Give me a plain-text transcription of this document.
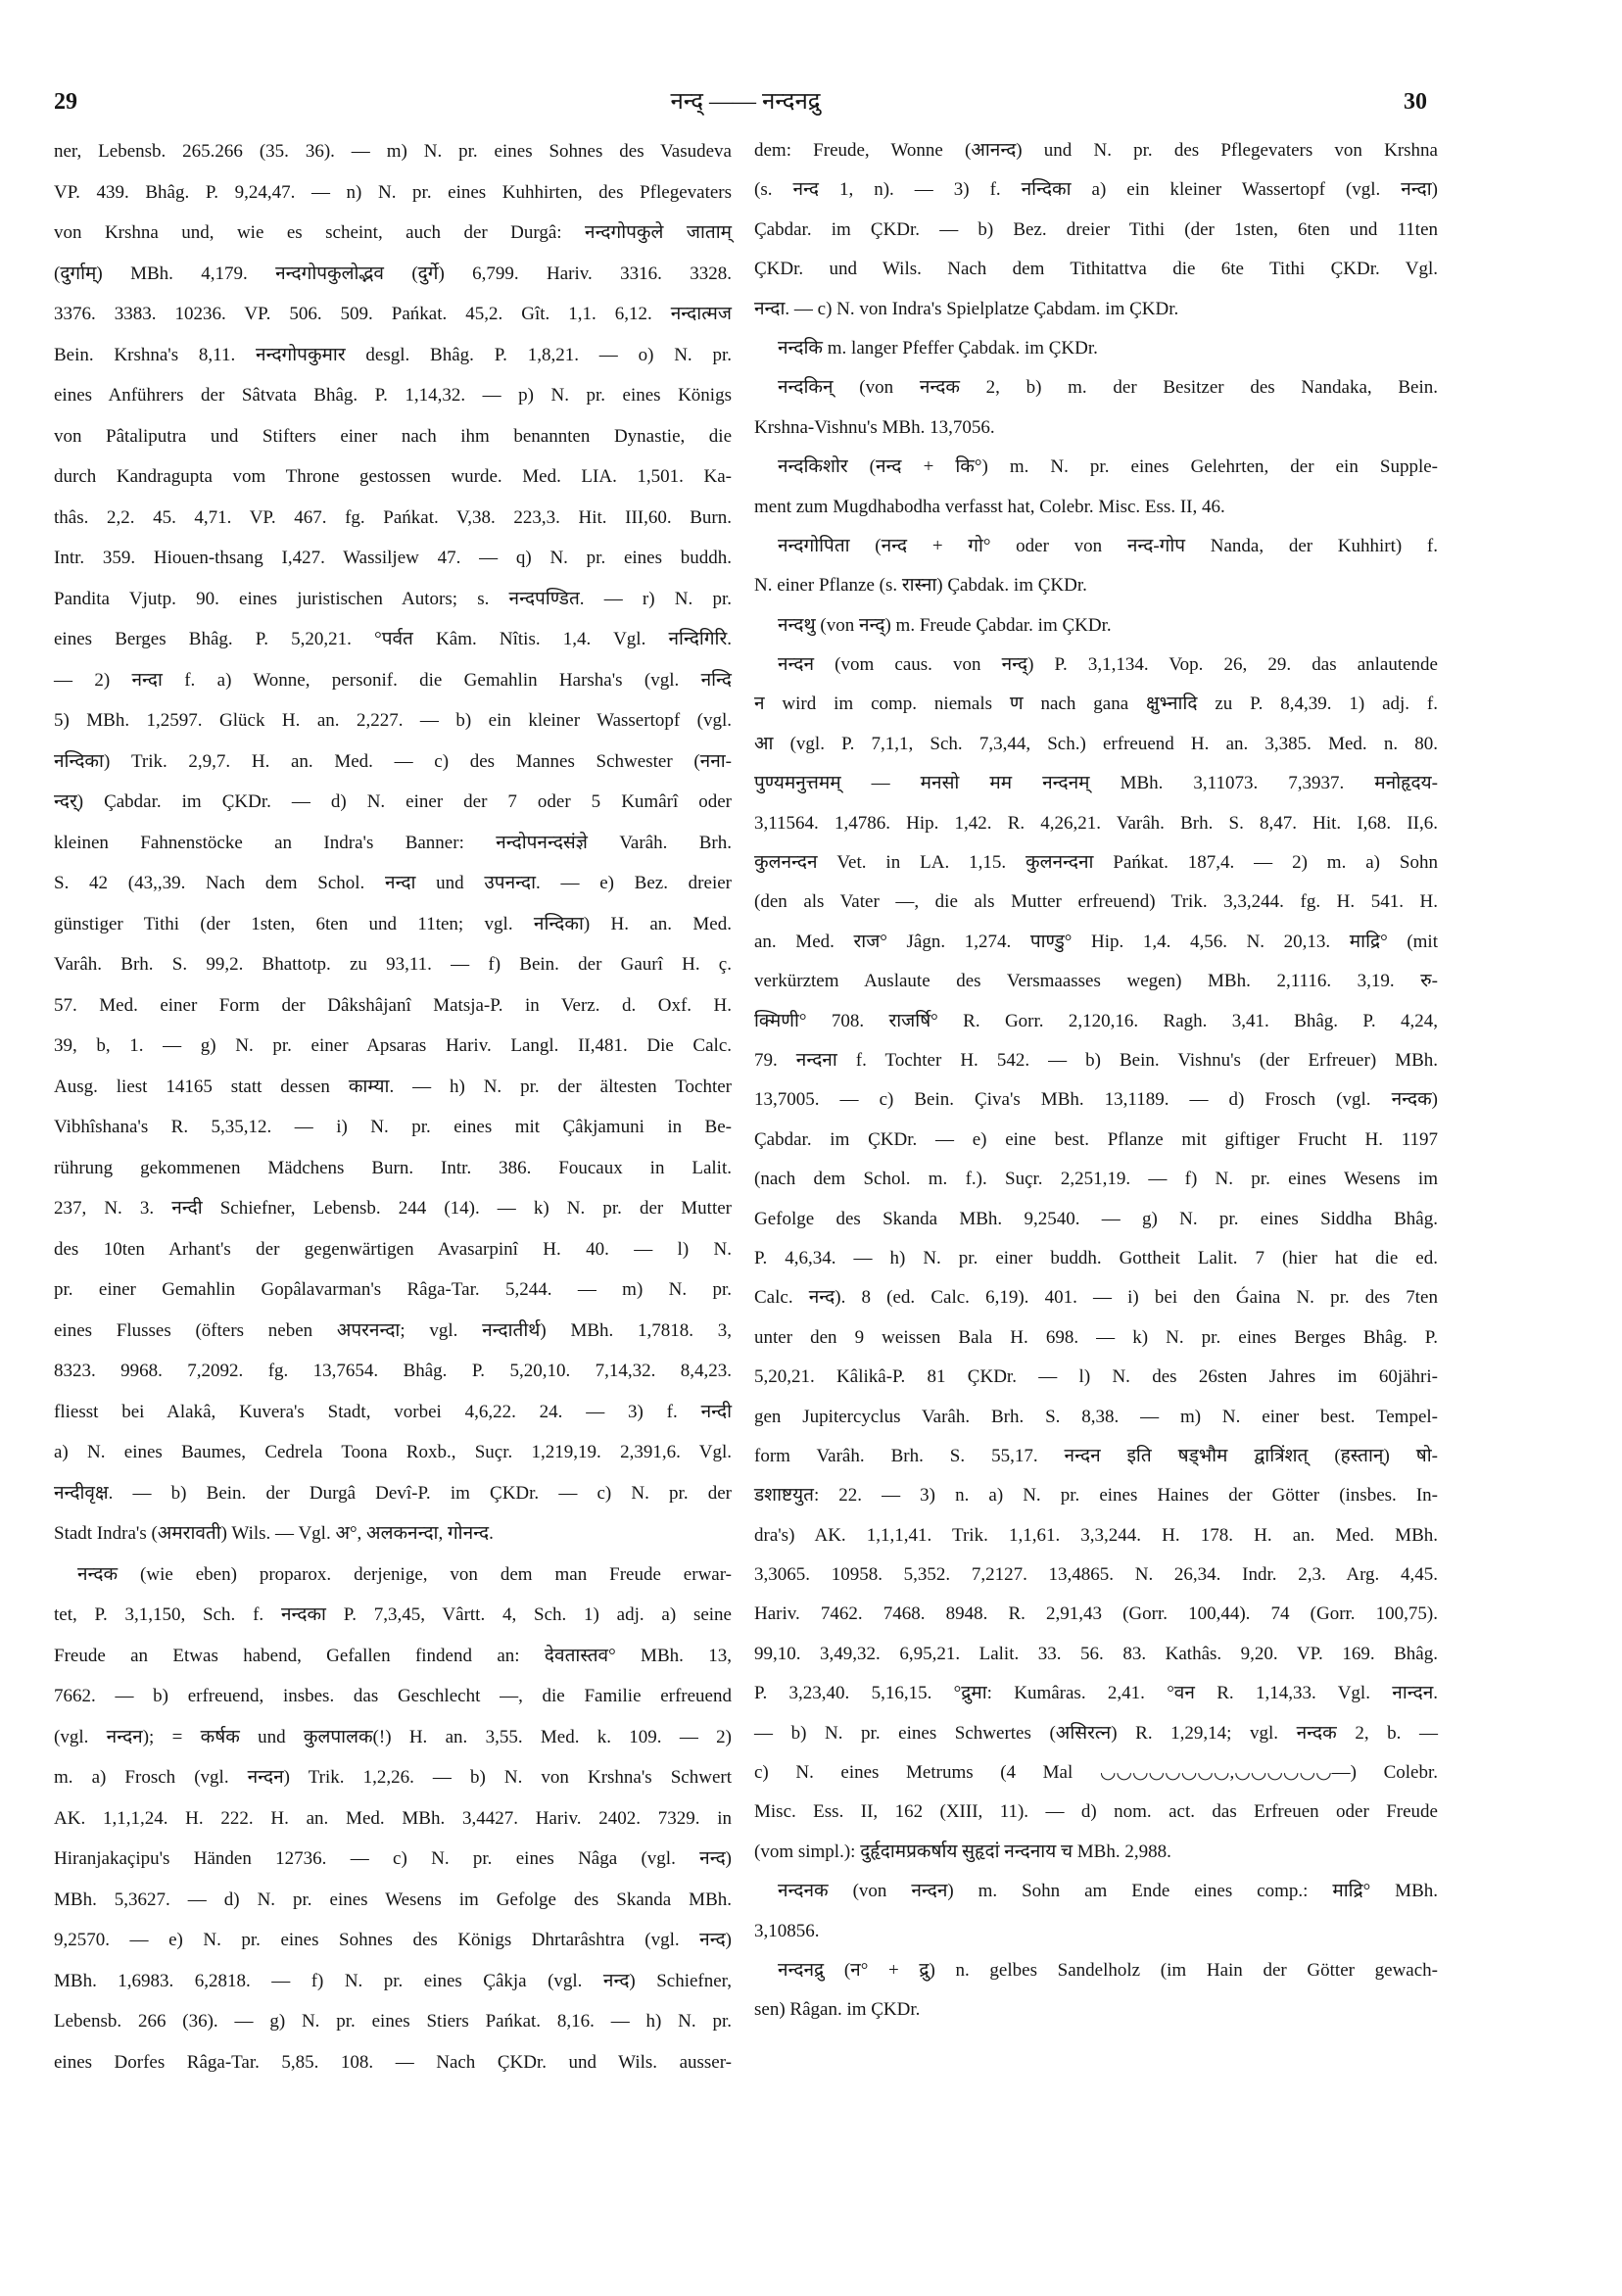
29	नन्द् —— नन्दनद्रु	30
ner, Lebensb. 265.266 (35. 36). — m) N. pr. eines Sohnes des Vasudeva
VP. 439. Bhâg. P. 9,24,47. — n) N. pr. eines Kuhhirten, des Pflegevaters
von Krshna und, wie es scheint, auch der Durgâ: नन्दगोपकुले जाताम्
(दुर्गाम्) MBh. 4,179. नन्दगोपकुलोद्भव (दुर्गे) 6,799. Hariv. 3316. 3328.
3376. 3383. 10236. VP. 506. 509. Pańkat. 45,2. Gît. 1,1. 6,12. नन्दात्मज
Bein. Krshna's 8,11. नन्दगोपकुमार desgl. Bhâg. P. 1,8,21. — o) N. pr.
eines Anführers der Sâtvata Bhâg. P. 1,14,32. — p) N. pr. eines Königs
von Pâtaliputra und Stifters einer nach ihm benannten Dynastie, die
durch Kandragupta vom Throne gestossen wurde. Med. LIA. 1,501. Ka-
thâs. 2,2. 45. 4,71. VP. 467. fg. Pańkat. V,38. 223,3. Hit. III,60. Burn.
Intr. 359. Hiouen-thsang I,427. Wassiljew 47. — q) N. pr. eines buddh.
Pandita Vjutp. 90. eines juristischen Autors; s. नन्दपण्डित. — r) N. pr.
eines Berges Bhâg. P. 5,20,21. °पर्वत Kâm. Nîtis. 1,4. Vgl. नन्दिगिरि.
— 2) नन्दा f. a) Wonne, personif. die Gemahlin Harsha's (vgl. नन्दि
5) MBh. 1,2597. Glück H. an. 2,227. — b) ein kleiner Wassertopf (vgl.
नन्दिका) Trik. 2,9,7. H. an. Med. — c) des Mannes Schwester (नना-
न्दर्) Çabdar. im ÇKDr. — d) N. einer der 7 oder 5 Kumârî oder
kleinen Fahnenstöcke an Indra's Banner: नन्दोपनन्दसंज्ञे Varâh. Brh.
S. 42 (43,,39. Nach dem Schol. नन्दा und उपनन्दा. — e) Bez. dreier
günstiger Tithi (der 1sten, 6ten und 11ten; vgl. नन्दिका) H. an. Med.
Varâh. Brh. S. 99,2. Bhattotp. zu 93,11. — f) Bein. der Gaurî H. ç.
57. Med. einer Form der Dâkshâjanî Matsja-P. in Verz. d. Oxf. H.
39, b, 1. — g) N. pr. einer Apsaras Hariv. Langl. II,481. Die Calc.
Ausg. liest 14165 statt dessen काम्या. — h) N. pr. der ältesten Tochter
Vibhîshana's R. 5,35,12. — i) N. pr. eines mit Çâkjamuni in Be-
rührung gekommenen Mädchens Burn. Intr. 386. Foucaux in Lalit.
237, N. 3. नन्दी Schiefner, Lebensb. 244 (14). — k) N. pr. der Mutter
des 10ten Arhant's der gegenwärtigen Avasarpinî H. 40. — l) N.
pr. einer Gemahlin Gopâlavarman's Râga-Tar. 5,244. — m) N. pr.
eines Flusses (öfters neben अपरनन्दा; vgl. नन्दातीर्थ) MBh. 1,7818. 3,
8323. 9968. 7,2092. fg. 13,7654. Bhâg. P. 5,20,10. 7,14,32. 8,4,23.
fliesst bei Alakâ, Kuvera's Stadt, vorbei 4,6,22. 24. — 3) f. नन्दी
a) N. eines Baumes, Cedrela Toona Roxb., Suçr. 1,219,19. 2,391,6. Vgl.
नन्दीवृक्ष. — b) Bein. der Durgâ Devî-P. im ÇKDr. — c) N. pr. der
Stadt Indra's (अमरावती) Wils. — Vgl. अ°, अलकनन्दा, गोनन्द.
नन्दक (wie eben) proparox. derjenige, von dem man Freude erwar-
tet, P. 3,1,150, Sch. f. नन्दका P. 7,3,45, Vârtt. 4, Sch. 1) adj. a) seine
Freude an Etwas habend, Gefallen findend an: देवतास्तव° MBh. 13,
7662. — b) erfreuend, insbes. das Geschlecht —, die Familie erfreuend
(vgl. नन्दन); = कर्षक und कुलपालक(!) H. an. 3,55. Med. k. 109. — 2)
m. a) Frosch (vgl. नन्दन) Trik. 1,2,26. — b) N. von Krshna's Schwert
AK. 1,1,1,24. H. 222. H. an. Med. MBh. 3,4427. Hariv. 2402. 7329. in
Hiranjakaçipu's Händen 12736. — c) N. pr. eines Nâga (vgl. नन्द)
MBh. 5,3627. — d) N. pr. eines Wesens im Gefolge des Skanda MBh.
9,2570. — e) N. pr. eines Sohnes des Königs Dhrtarâshtra (vgl. नन्द)
MBh. 1,6983. 6,2818. — f) N. pr. eines Çâkja (vgl. नन्द) Schiefner,
Lebensb. 266 (36). — g) N. pr. eines Stiers Pańkat. 8,16. — h) N. pr.
eines Dorfes Râga-Tar. 5,85. 108. — Nach ÇKDr. und Wils. ausser-
dem: Freude, Wonne (आनन्द) und N. pr. des Pflegevaters von Krshna
(s. नन्द 1, n). — 3) f. नन्दिका a) ein kleiner Wassertopf (vgl. नन्दा)
Çabdar. im ÇKDr. — b) Bez. dreier Tithi (der 1sten, 6ten und 11ten
ÇKDr. und Wils. Nach dem Tithitattva die 6te Tithi ÇKDr. Vgl.
नन्दा. — c) N. von Indra's Spielplatze Çabdam. im ÇKDr.
नन्दकि m. langer Pfeffer Çabdak. im ÇKDr.
नन्दकिन् (von नन्दक 2, b) m. der Besitzer des Nandaka, Bein.
Krshna-Vishnu's MBh. 13,7056.
नन्दकिशोर (नन्द + कि°) m. N. pr. eines Gelehrten, der ein Supple-
ment zum Mugdhabodha verfasst hat, Colebr. Misc. Ess. II, 46.
नन्दगोपिता (नन्द + गो° oder von नन्द-गोप Nanda, der Kuhhirt) f.
N. einer Pflanze (s. रास्ना) Çabdak. im ÇKDr.
नन्दथु (von नन्द्) m. Freude Çabdar. im ÇKDr.
नन्दन (vom caus. von नन्द्) P. 3,1,134. Vop. 26, 29. das anlautende
न wird im comp. niemals ण nach gana क्षुभ्नादि zu P. 8,4,39. 1) adj. f.
आ (vgl. P. 7,1,1, Sch. 7,3,44, Sch.) erfreuend H. an. 3,385. Med. n. 80.
पुण्यमनुत्तमम् — मनसो मम नन्दनम् MBh. 3,11073. 7,3937. मनोहृदय-
3,11564. 1,4786. Hip. 1,42. R. 4,26,21. Varâh. Brh. S. 8,47. Hit. I,68. II,6.
कुलनन्दन Vet. in LA. 1,15. कुलनन्दना Pańkat. 187,4. — 2) m. a) Sohn
(den als Vater —, die als Mutter erfreuend) Trik. 3,3,244. fg. H. 541. H.
an. Med. राज° Jâgn. 1,274. पाण्डु° Hip. 1,4. 4,56. N. 20,13. माद्रि° (mit
verkürztem Auslaute des Versmaasses wegen) MBh. 2,1116. 3,19. रु-
क्मिणी° 708. राजर्षि° R. Gorr. 2,120,16. Ragh. 3,41. Bhâg. P. 4,24,
79. नन्दना f. Tochter H. 542. — b) Bein. Vishnu's (der Erfreuer) MBh.
13,7005. — c) Bein. Çiva's MBh. 13,1189. — d) Frosch (vgl. नन्दक)
Çabdar. im ÇKDr. — e) eine best. Pflanze mit giftiger Frucht H. 1197
(nach dem Schol. m. f.). Suçr. 2,251,19. — f) N. pr. eines Wesens im
Gefolge des Skanda MBh. 9,2540. — g) N. pr. eines Siddha Bhâg.
P. 4,6,34. — h) N. pr. einer buddh. Gottheit Lalit. 7 (hier hat die ed.
Calc. नन्द). 8 (ed. Calc. 6,19). 401. — i) bei den Ǵaina N. pr. des 7ten
unter den 9 weissen Bala H. 698. — k) N. pr. eines Berges Bhâg. P.
5,20,21. Kâlikâ-P. 81 ÇKDr. — l) N. des 26sten Jahres im 60jähri-
gen Jupitercyclus Varâh. Brh. S. 8,38. — m) N. einer best. Tempel-
form Varâh. Brh. S. 55,17. नन्दन इति षड्भौम द्वात्रिंशत् (हस्तान्) षो-
डशाष्टयुत: 22. — 3) n. a) N. pr. eines Haines der Götter (insbes. In-
dra's) AK. 1,1,1,41. Trik. 1,1,61. 3,3,244. H. 178. H. an. Med. MBh.
3,3065. 10958. 5,352. 7,2127. 13,4865. N. 26,34. Indr. 2,3. Arg. 4,45.
Hariv. 7462. 7468. 8948. R. 2,91,43 (Gorr. 100,44). 74 (Gorr. 100,75).
99,10. 3,49,32. 6,95,21. Lalit. 33. 56. 83. Kathâs. 9,20. VP. 169. Bhâg.
P. 3,23,40. 5,16,15. °द्रुमा: Kumâras. 2,41. °वन R. 1,14,33. Vgl. नान्दन.
— b) N. pr. eines Schwertes (असिरत्न) R. 1,29,14; vgl. नन्दक 2, b. —
c) N. eines Metrums (4 Mal ◡◡◡◡◡◡◡◡,◡◡◡◡◡◡—) Colebr.
Misc. Ess. II, 162 (XIII, 11). — d) nom. act. das Erfreuen oder Freude
(vom simpl.): दुर्हृदामप्रकर्षाय सुहृदां नन्दनाय च MBh. 2,988.
नन्दनक (von नन्दन) m. Sohn am Ende eines comp.: माद्रि° MBh.
3,10856.
नन्दनद्रु (न° + द्रु) n. gelbes Sandelholz (im Hain der Götter gewach-
sen) Râgan. im ÇKDr.
